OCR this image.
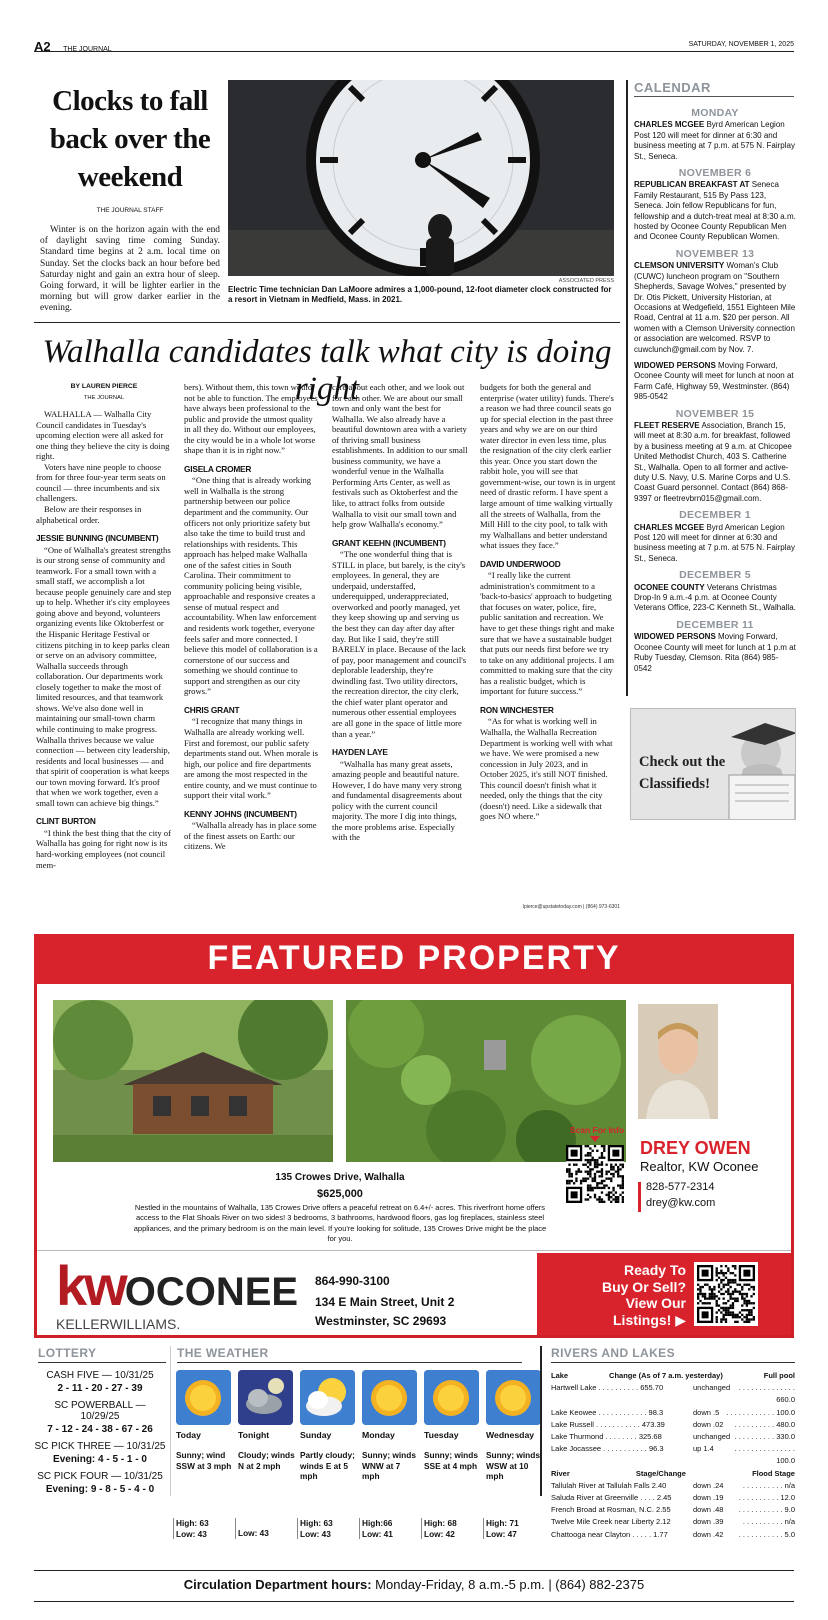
A2 THE JOURNAL
SATURDAY, NOVEMBER 1, 2025
Clocks to fall back over the weekend
THE JOURNAL STAFF
Winter is on the horizon again with the end of daylight saving time coming Sunday. Standard time begins at 2 a.m. local time on Sunday. Set the clocks back an hour before bed Saturday night and gain an extra hour of sleep. Going forward, it will be lighter earlier in the morning but will grow darker earlier in the evening.
ASSOCIATED PRESS
Electric Time technician Dan LaMoore admires a 1,000-pound, 12-foot diameter clock constructed for a resort in Vietnam in Medfield, Mass. in 2021.
Walhalla candidates talk what city is doing right
BY LAUREN PIERCE
THE JOURNAL

WALHALLA — Walhalla City Council candidates in Tuesday's upcoming election were all asked for one thing they believe the city is doing right.

Voters have nine people to choose from for three four-year term seats on council — three incumbents and six challengers.

Below are their responses in alphabetical order.

JESSIE BUNNING (INCUMBENT)

“One of Walhalla's greatest strengths is our strong sense of community and teamwork. For a small town with a small staff, we accomplish a lot because people genuinely care and step up to help. Whether it's city employees going above and beyond, volunteers organizing events like Oktoberfest or the Hispanic Heritage Festival or citizens pitching in to keep parks clean or serve on an advisory committee, Walhalla succeeds through collaboration. Our departments work closely together to make the most of limited resources, and that teamwork shows. We've also done well in maintaining our small-town charm while continuing to make progress. Walhalla thrives because we value connection — between city leadership, residents and local businesses — and that spirit of cooperation is what keeps our town moving forward. It's proof that when we work together, even a small town can achieve big things.”

CLINT BURTON

“I think the best thing that the city of Walhalla has going for right now is its hard-working employees (not council mem-

bers). Without them, this town would not be able to function. The employees have always been professional to the public and provide the utmost quality in all they do. Without our employees, the city would be in a whole lot worse shape than it is in right now.”

GISELA CROMER

“One thing that is already working well in Walhalla is the strong partnership between our police department and the community. Our officers not only prioritize safety but also take the time to build trust and relationships with residents. This approach has helped make Walhalla one of the safest cities in South Carolina. Their commitment to community policing being visible, approachable and responsive creates a sense of mutual respect and accountability. When law enforcement and residents work together, everyone feels safer and more connected. I believe this model of collaboration is a cornerstone of our success and something we should continue to support and strengthen as our city grows.”

CHRIS GRANT

“I recognize that many things in Walhalla are already working well. First and foremost, our public safety departments stand out. When morale is high, our police and fire departments are among the most respected in the entire county, and we must continue to support their vital work.”

KENNY JOHNS (INCUMBENT)

“Walhalla already has in place some of the finest assets on Earth: our citizens. We

care about each other, and we look out for each other. We are about our small town and only want the best for Walhalla. We also already have a beautiful downtown area with a variety of thriving small business establishments. In addition to our small business community, we have a wonderful venue in the Walhalla Performing Arts Center, as well as festivals such as Oktoberfest and the like, to attract folks from outside Walhalla to visit our small town and help grow Walhalla's economy.”

GRANT KEEHN (INCUMBENT)

“The one wonderful thing that is STILL in place, but barely, is the city's employees. In general, they are underpaid, understaffed, underequipped, underappreciated, overworked and poorly managed, yet they keep showing up and serving us the best they can day after day after day. But like I said, they're still BARELY in place. Because of the lack of pay, poor management and council's deplorable leadership, they're dwindling fast. Two utility directors, the recreation director, the city clerk, the chief water plant operator and numerous other essential employees are all gone in the space of little more than a year.”

HAYDEN LAYE

“Walhalla has many great assets, amazing people and beautiful nature. However, I do have many very strong and fundamental disagreements about policy with the current council majority. The more I dig into things, the more problems arise. Especially with the

budgets for both the general and enterprise (water utility) funds. There's a reason we had three council seats go up for special election in the past three years and why we are on our third water director in even less time, plus the resignation of the city clerk earlier this year. Once you start down the rabbit hole, you will see that government-wise, our town is in urgent need of drastic reform. I have spent a large amount of time walking virtually all the streets of Walhalla, from the Mill Hill to the city pool, to talk with my Walhallans and better understand what issues they face.”

DAVID UNDERWOOD

“I really like the current administration's commitment to a 'back-to-basics' approach to budgeting that focuses on water, police, fire, public sanitation and recreation. We have to get these things right and make sure that we have a sustainable budget that puts our needs first before we try to take on any additional projects. I am committed to making sure that the city has a realistic budget, which is important for future success.”

RON WINCHESTER

“As for what is working well in Walhalla, the Walhalla Recreation Department is working well with what we have. We were promised a new concession in July 2023, and in October 2025, it's still NOT finished. This council doesn't finish what it needed, only the things that the city (doesn't) need. Like a sidewalk that goes NO where.”

lpierce@upstatetoday.com | (864) 973-6301
CALENDAR
MONDAY
CHARLES MCGEE Byrd American Legion Post 120 will meet for dinner at 6:30 and business meeting at 7 p.m. at 575 N. Fairplay St., Seneca.
NOVEMBER 6
REPUBLICAN BREAKFAST AT Seneca Family Restaurant, 515 By Pass 123, Seneca. Join fellow Republicans for fun, fellowship and a dutch-treat meal at 8:30 a.m. hosted by Oconee County Republican Men and Oconee County Republican Women.
NOVEMBER 13
CLEMSON UNIVERSITY Woman's Club (CUWC) luncheon program on "Southern Shepherds, Savage Wolves," presented by Dr. Otis Pickett, University Historian, at Occasions at Wedgefield, 1551 Eighteen Mile Road, Central at 11 a.m. $20 per person. All women with a Clemson University connection or association are welcomed. RSVP to cuwclunch@gmail.com by Nov. 7.
WIDOWED PERSONS Moving Forward, Oconee County will meet for lunch at noon at Farm Café, Highway 59, Westminster. (864) 985-0542
NOVEMBER 15
FLEET RESERVE Association, Branch 15, will meet at 8:30 a.m. for breakfast, followed by a business meeting at 9 a.m. at Chicopee United Methodist Church, 403 S. Catherine St., Walhalla. Open to all former and active-duty U.S. Navy, U.S. Marine Corps and U.S. Coast Guard personnel. Contact (864) 868-9397 or fleetrevbrn015@gmail.com.
DECEMBER 1
CHARLES MCGEE Byrd American Legion Post 120 will meet for dinner at 6:30 and business meeting at 7 p.m. at 575 N. Fairplay St., Seneca.
DECEMBER 5
OCONEE COUNTY Veterans Christmas Drop-In 9 a.m.-4 p.m. at Oconee County Veterans Office, 223-C Kenneth St., Walhalla.
DECEMBER 11
WIDOWED PERSONS Moving Forward, Oconee County will meet for lunch at 1 p.m at Ruby Tuesday, Clemson. Rita (864) 985-0542
Check out the
Classifieds!
FEATURED PROPERTY
Scan For Info
DREY OWEN
Realtor, KW Oconee
828-577-2314
drey@kw.com
135 Crowes Drive, Walhalla
$625,000
Nestled in the mountains of Walhalla, 135 Crowes Drive offers a peaceful retreat on 6.4+/- acres. This riverfront home offers access to the Flat Shoals River on two sides! 3 bedrooms, 3 bathrooms, hardwood floors, gas log fireplaces, stainless steel appliances, and the primary bedroom is on the main level. If you're looking for solitude, 135 Crowes Drive might be the place for you.
kwOCONEE
KELLERWILLIAMS.
864-990-3100
134 E Main Street, Unit 2
Westminster, SC 29693
Ready To
Buy Or Sell?
View Our
Listings! ▶
LOTTERY
CASH FIVE — 10/31/25
2 - 11 - 20 - 27 - 39
SC POWERBALL — 10/29/25
7 - 12 - 24 - 38 - 67 - 26
SC PICK THREE — 10/31/25
Evening: 4 - 5 - 1 - 0
SC PICK FOUR — 10/31/25
Evening: 9 - 8 - 5 - 4 - 0
THE WEATHER
Today
Sunny; wind SSW at 3 mph
High: 63
Low: 43
Tonight
Cloudy; winds N at 2 mph
Low: 43
Sunday
Partly cloudy; winds E at 5 mph
High: 63
Low: 43
Monday
Sunny; winds WNW at 7 mph
High:66
Low: 41
Tuesday
Sunny; winds SSE at 4 mph
High: 68
Low: 42
Wednesday
Sunny; winds WSW at 10 mph
High: 71
Low: 47
RIVERS AND LAKES
Lake	Change (As of 7 a.m. yesterday)	Full pool
Hartwell Lake . . . . . . . . . . 655.70	unchanged	. . . . . . . . . . . . . . 660.0
Lake Keowee . . . . . . . . . . . . 98.3	down .5 . . . . . . . . . . . . 100.0
Lake Russell . . . . . . . . . . . 473.39	down .02	. . . . . . . . . . 480.0
Lake Thurmond . . . . . . . . 325.68	unchanged . . . . . . . . . . 330.0
Lake Jocassee . . . . . . . . . . . 96.3	up 1.4	. . . . . . . . . . . . . . . 100.0
River	Stage/Change	Flood Stage
Tallulah River at Tallulah Falls 2.40	down .24	. . . . . . . . . . n/a
Saluda River at Greenville . . . . 2.45	down .19	. . . . . . . . . . 12.0
French Broad at Rosman, N.C. 2.55	down .48	. . . . . . . . . . . 9.0
Twelve Mile Creek near Liberty 2.12	down .39	. . . . . . . . . . n/a
Chattooga near Clayton . . . . . 1.77	down .42	. . . . . . . . . . . 5.0
Circulation Department hours: Monday-Friday, 8 a.m.-5 p.m. | (864) 882-2375
